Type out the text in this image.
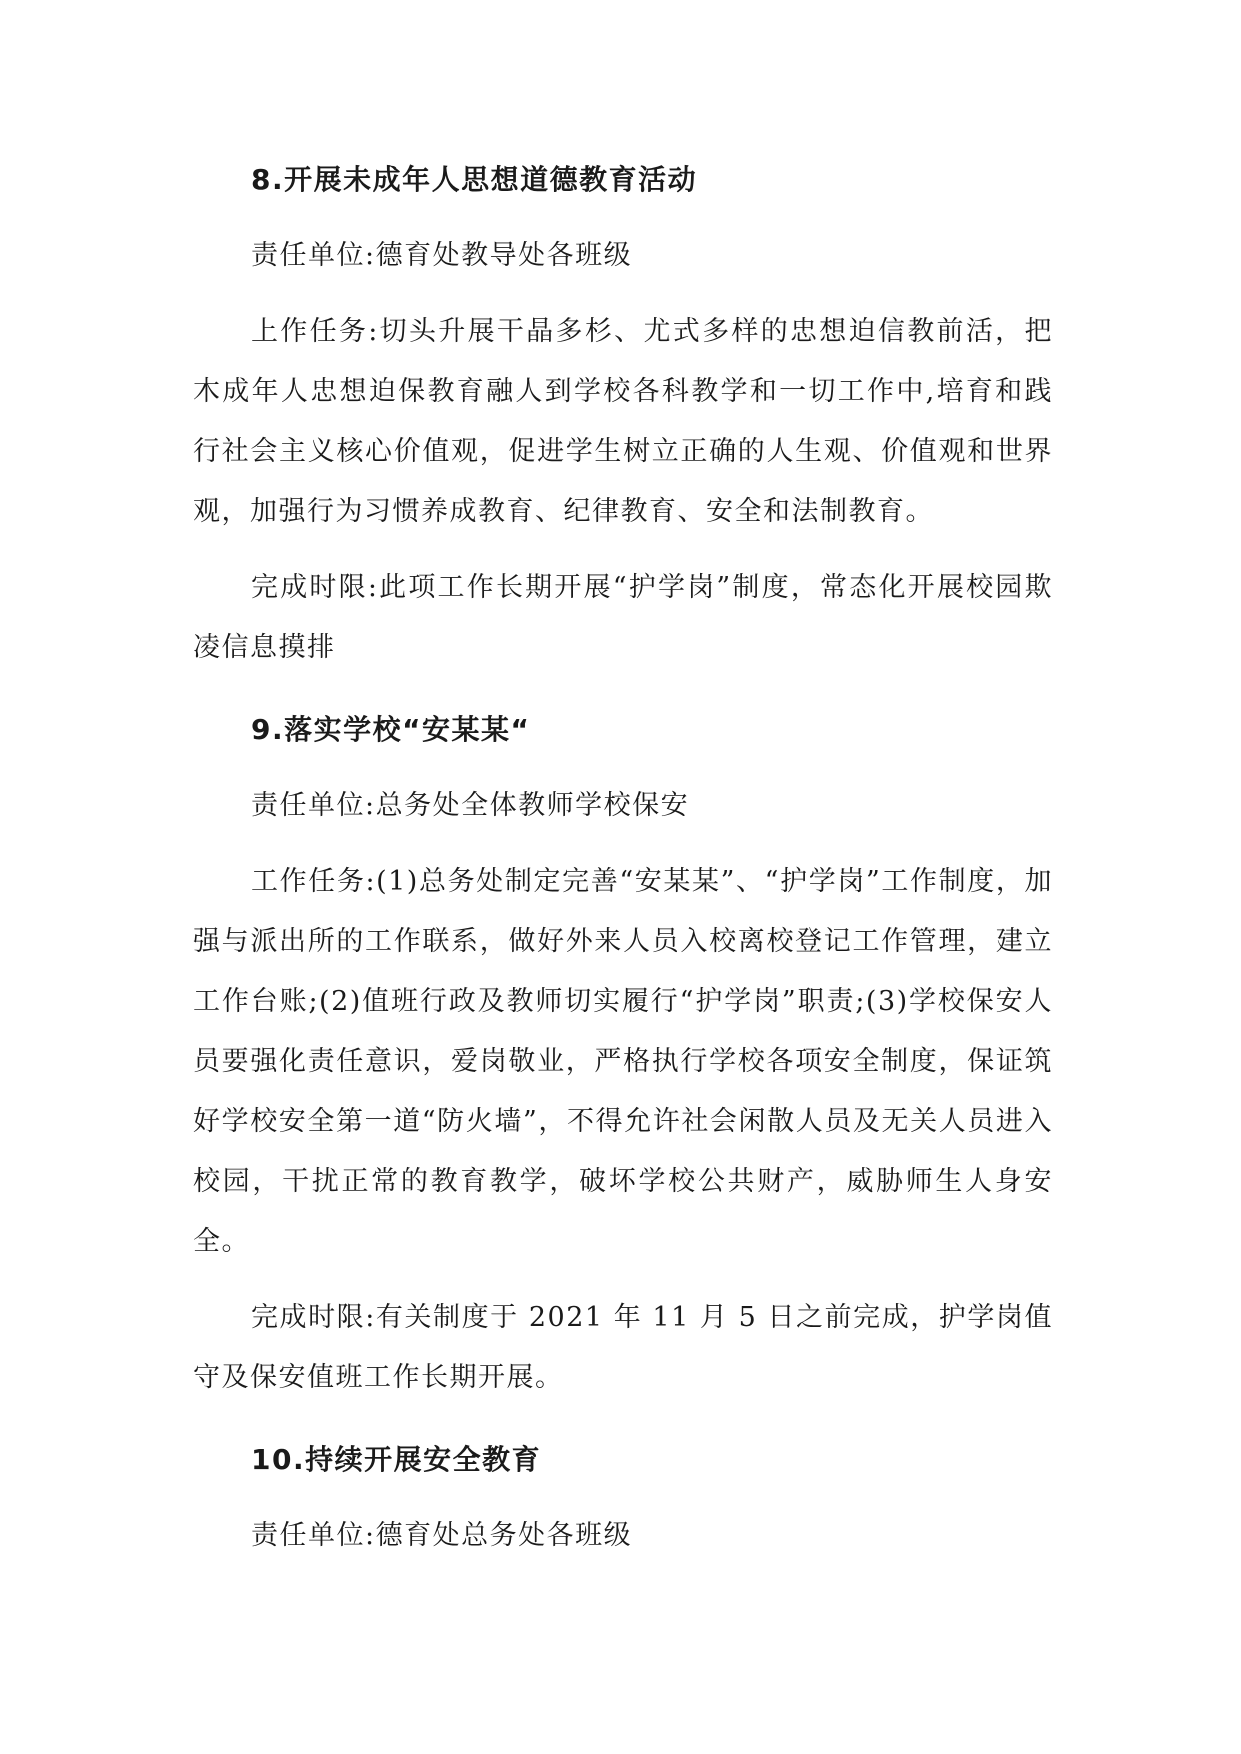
8.开展未成年人思想道德教育活动
责任单位:德育处教导处各班级
上作任务:切头升展干晶多杉、尤式多样的忠想迫信教前活，把木成年人忠想迫保教育融人到学校各科教学和一切工作中,培育和践行社会主义核心价值观，促进学生树立正确的人生观、价值观和世界观，加强行为习惯养成教育、纪律教育、安全和法制教育。
完成时限:此项工作长期开展“护学岗”制度，常态化开展校园欺凌信息摸排
9.落实学校“安某某“
责任单位:总务处全体教师学校保安
工作任务:(1)总务处制定完善“安某某”、“护学岗”工作制度，加强与派出所的工作联系，做好外来人员入校离校登记工作管理，建立工作台账;(2)值班行政及教师切实履行“护学岗”职责;(3)学校保安人员要强化责任意识，爱岗敬业，严格执行学校各项安全制度，保证筑好学校安全第一道“防火墙”，不得允许社会闲散人员及无关人员进入校园，干扰正常的教育教学，破坏学校公共财产，威胁师生人身安全。
完成时限:有关制度于 2021 年 11 月 5 日之前完成，护学岗值守及保安值班工作长期开展。
10.持续开展安全教育
责任单位:德育处总务处各班级
